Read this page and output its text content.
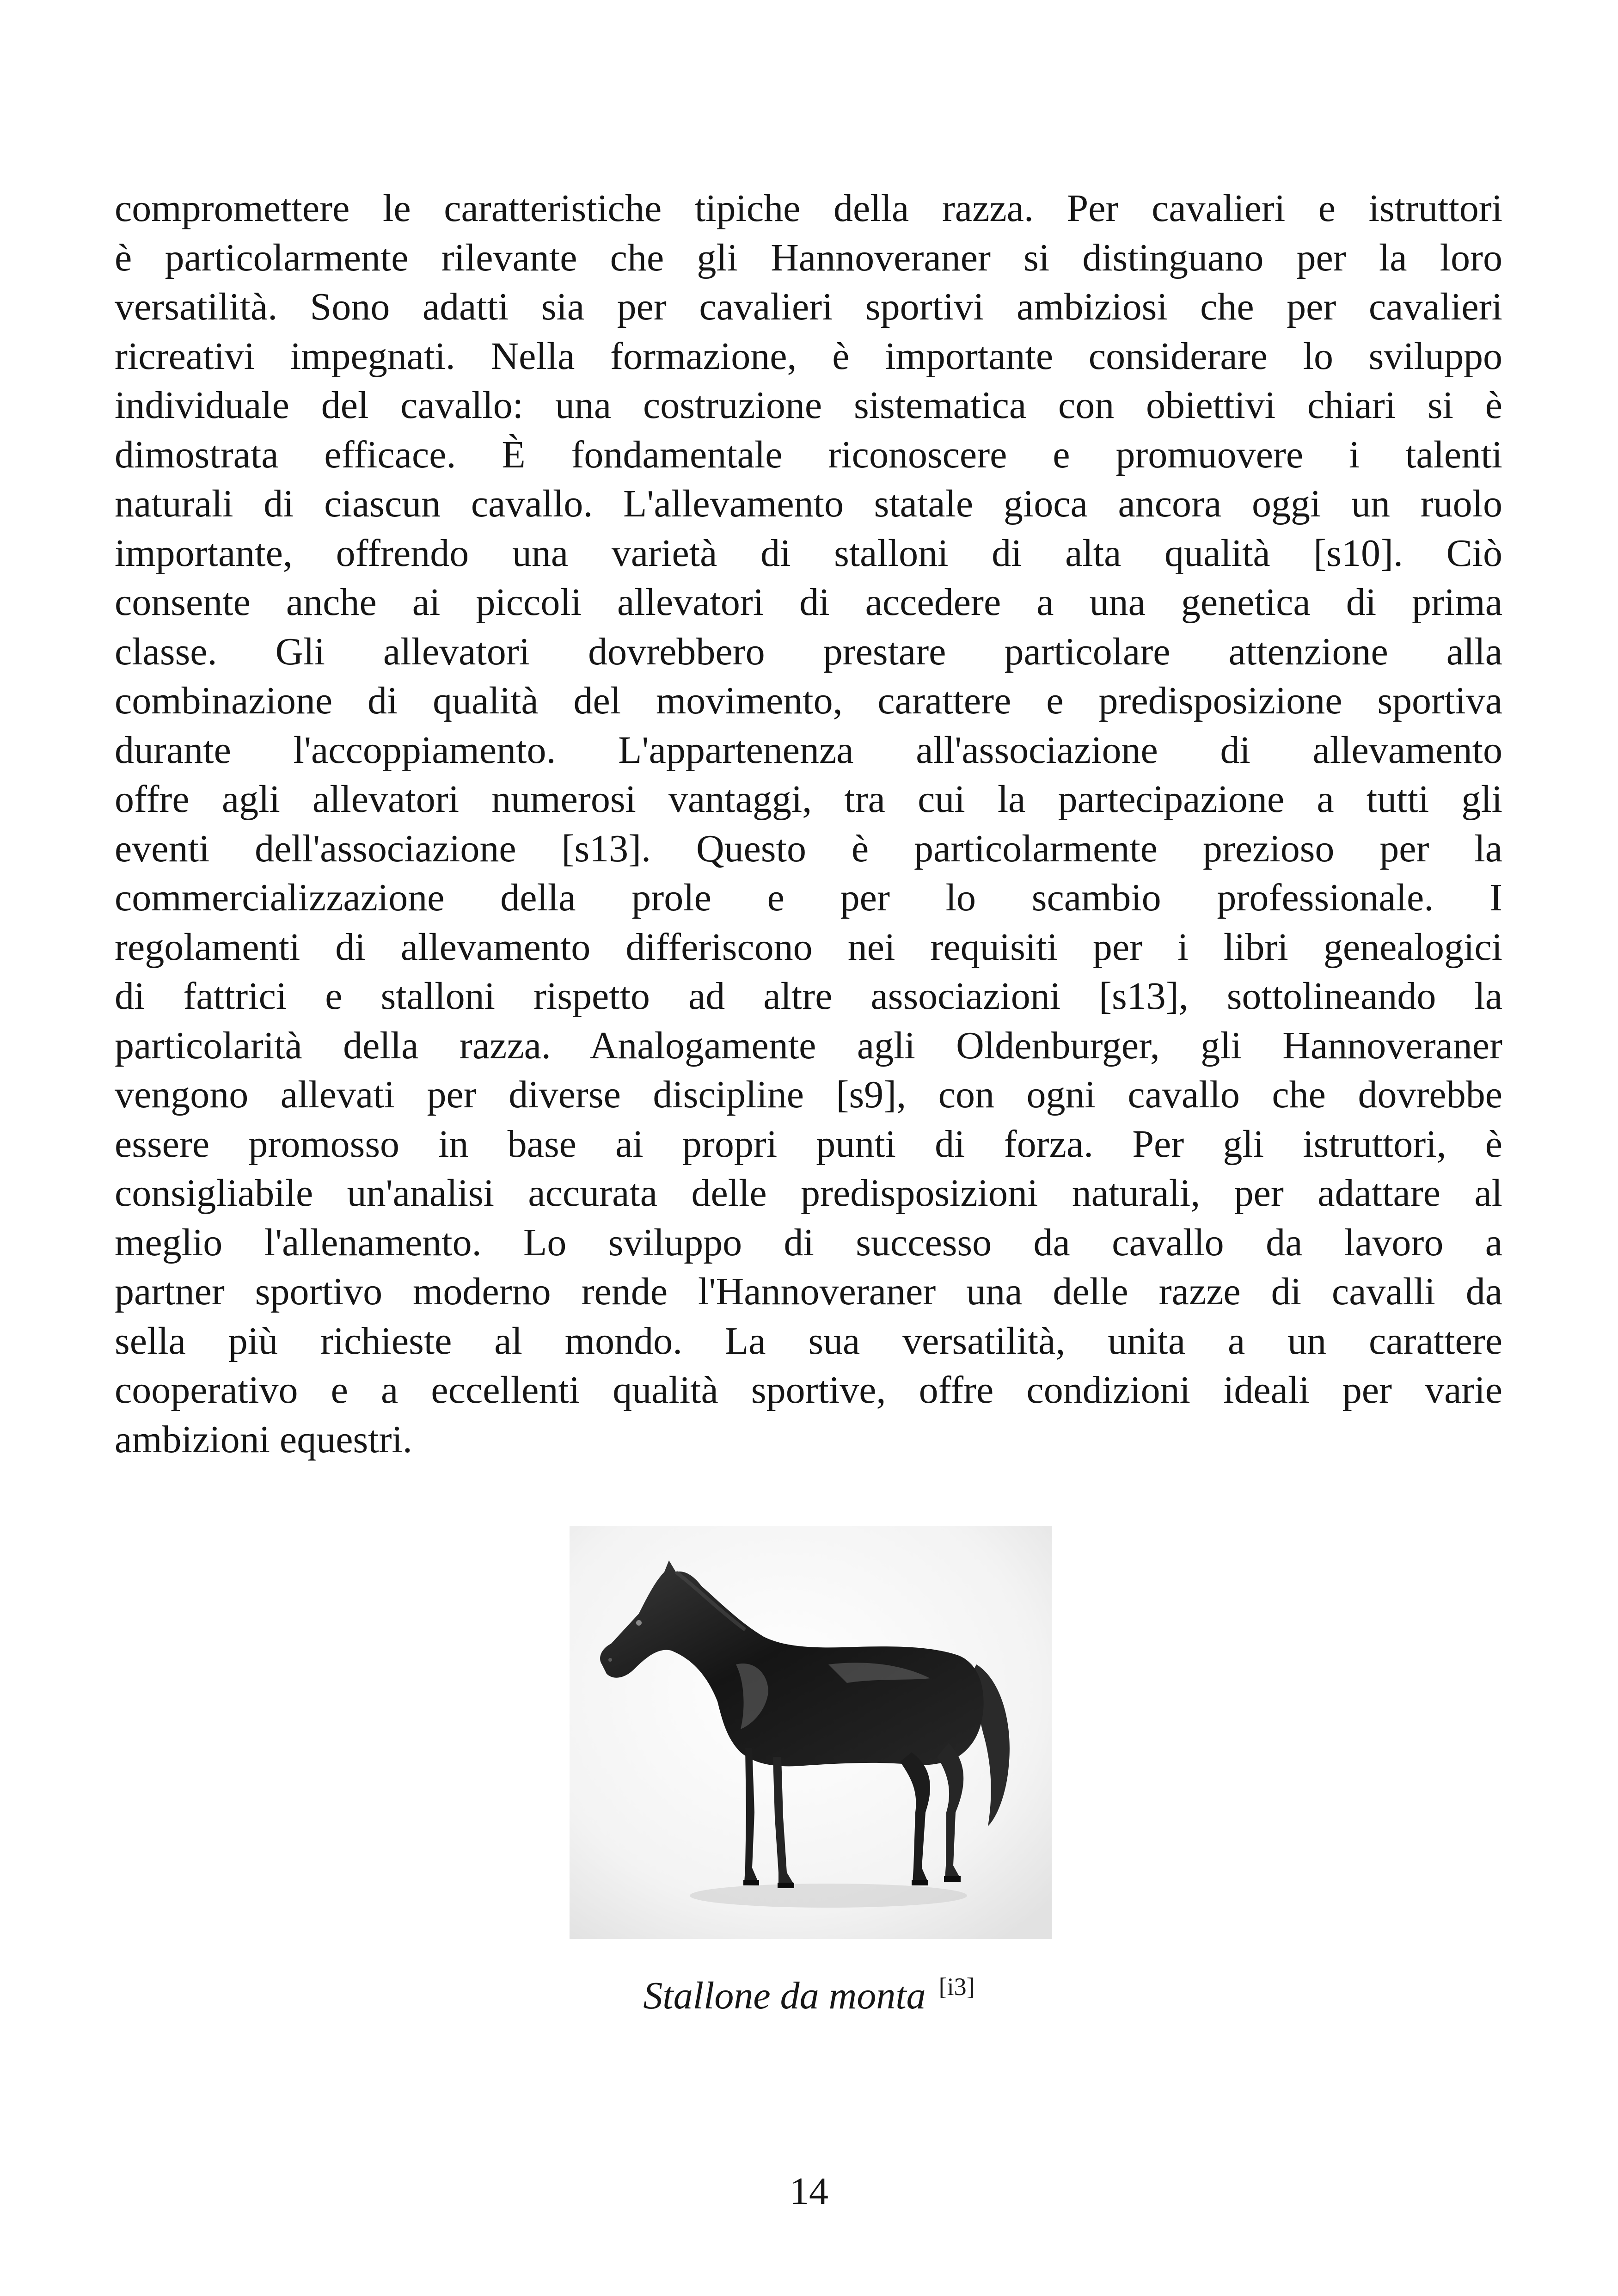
compromettere le caratteristiche tipiche della razza. Per cavalieri e istruttori
è particolarmente rilevante che gli Hannoveraner si distinguano per la loro
versatilità. Sono adatti sia per cavalieri sportivi ambiziosi che per cavalieri
ricreativi impegnati. Nella formazione, è importante considerare lo sviluppo
individuale del cavallo: una costruzione sistematica con obiettivi chiari si è
dimostrata efficace. È fondamentale riconoscere e promuovere i talenti
naturali di ciascun cavallo. L'allevamento statale gioca ancora oggi un ruolo
importante, offrendo una varietà di stalloni di alta qualità [s10]. Ciò
consente anche ai piccoli allevatori di accedere a una genetica di prima
classe. Gli allevatori dovrebbero prestare particolare attenzione alla
combinazione di qualità del movimento, carattere e predisposizione sportiva
durante l'accoppiamento. L'appartenenza all'associazione di allevamento
offre agli allevatori numerosi vantaggi, tra cui la partecipazione a tutti gli
eventi dell'associazione [s13]. Questo è particolarmente prezioso per la
commercializzazione della prole e per lo scambio professionale. I
regolamenti di allevamento differiscono nei requisiti per i libri genealogici
di fattrici e stalloni rispetto ad altre associazioni [s13], sottolineando la
particolarità della razza. Analogamente agli Oldenburger, gli Hannoveraner
vengono allevati per diverse discipline [s9], con ogni cavallo che dovrebbe
essere promosso in base ai propri punti di forza. Per gli istruttori, è
consigliabile un'analisi accurata delle predisposizioni naturali, per adattare al
meglio l'allenamento. Lo sviluppo di successo da cavallo da lavoro a
partner sportivo moderno rende l'Hannoveraner una delle razze di cavalli da
sella più richieste al mondo. La sua versatilità, unita a un carattere
cooperativo e a eccellenti qualità sportive, offre condizioni ideali per varie
ambizioni equestri.
Stallone da monta [i3]
14
